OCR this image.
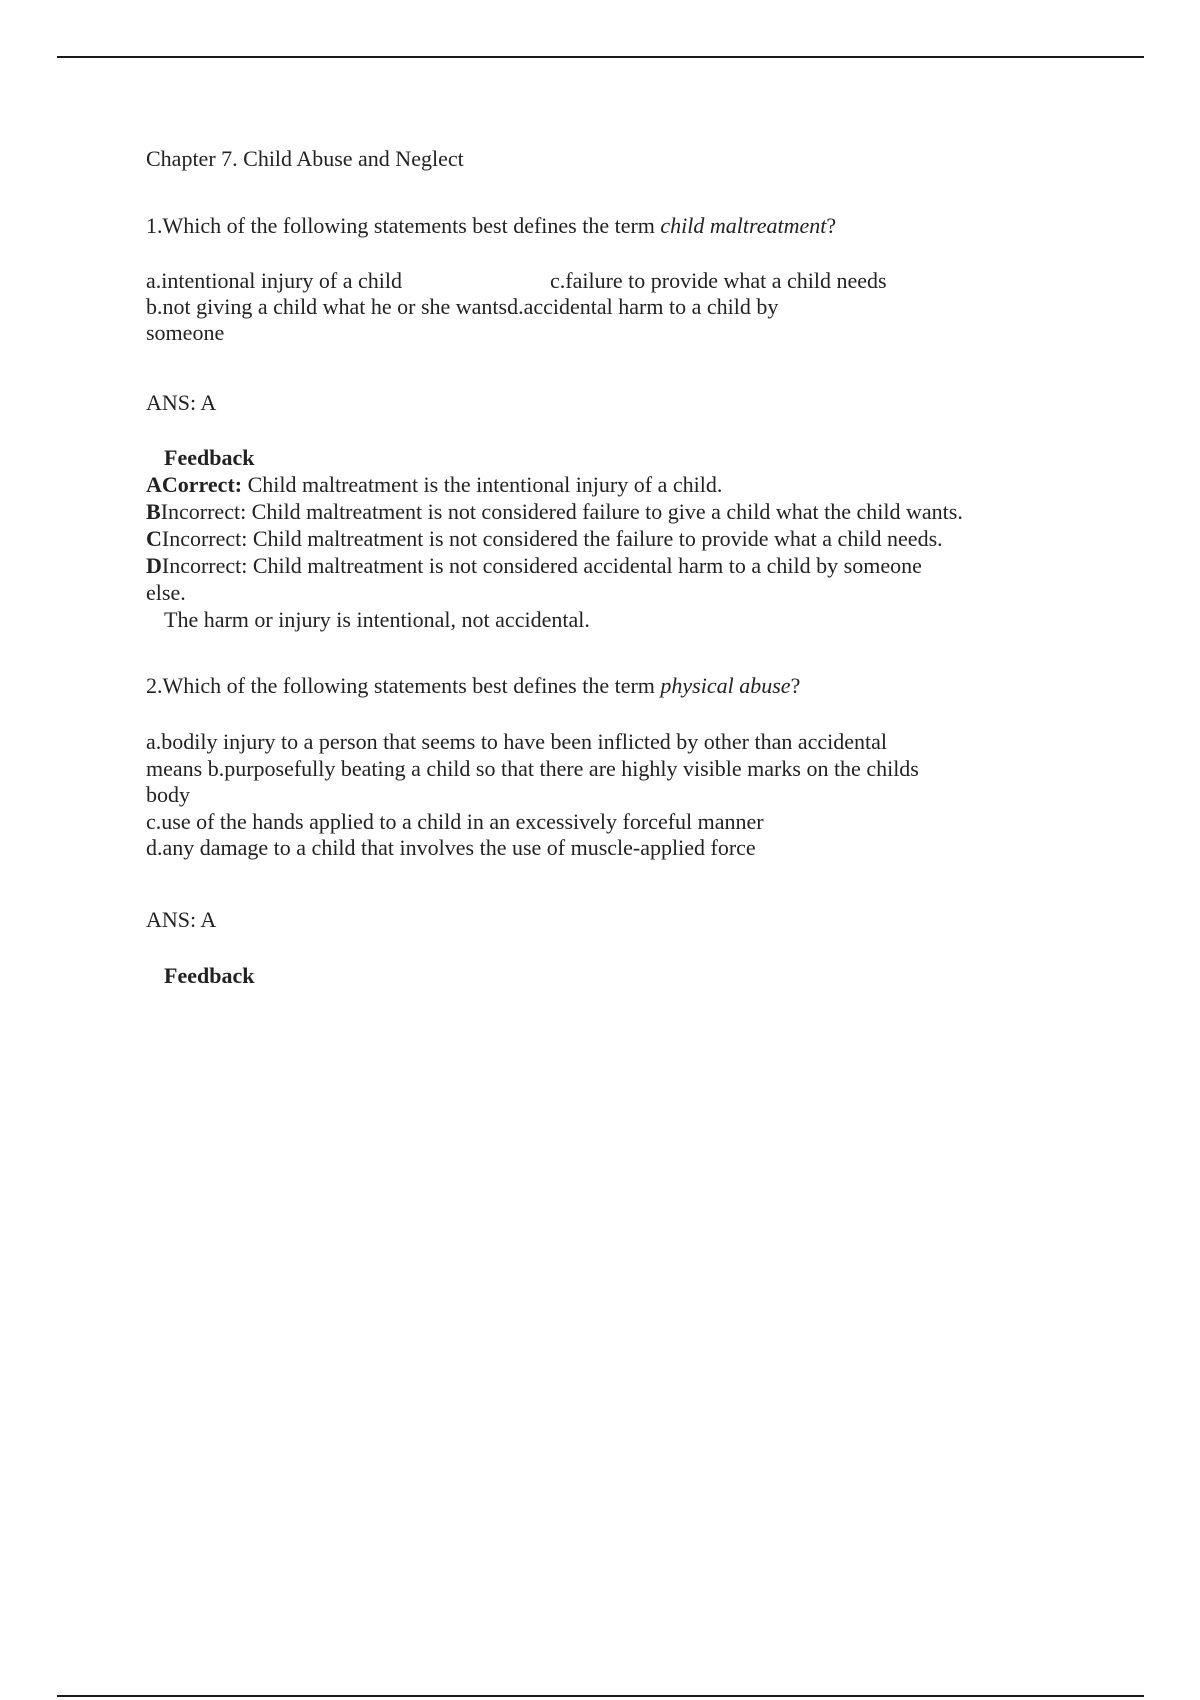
Chapter 7. Child Abuse and Neglect

1.Which of the following statements best defines the term child maltreatment?
a.intentional injury of a child	c.failure to provide what a child needs
b.not giving a child what he or she wantsd.accidental harm to a child by
someone
ANS: A
Feedback
ACorrect: Child maltreatment is the intentional injury of a child.
BIncorrect: Child maltreatment is not considered failure to give a child what the child wants.
CIncorrect: Child maltreatment is not considered the failure to provide what a child needs.
DIncorrect: Child maltreatment is not considered accidental harm to a child by someone
else.
The harm or injury is intentional, not accidental.
2.Which of the following statements best defines the term physical abuse?
a.bodily injury to a person that seems to have been inflicted by other than accidental
means b.purposefully beating a child so that there are highly visible marks on the childs
body
c.use of the hands applied to a child in an excessively forceful manner
d.any damage to a child that involves the use of muscle-applied force
ANS: A
Feedback
